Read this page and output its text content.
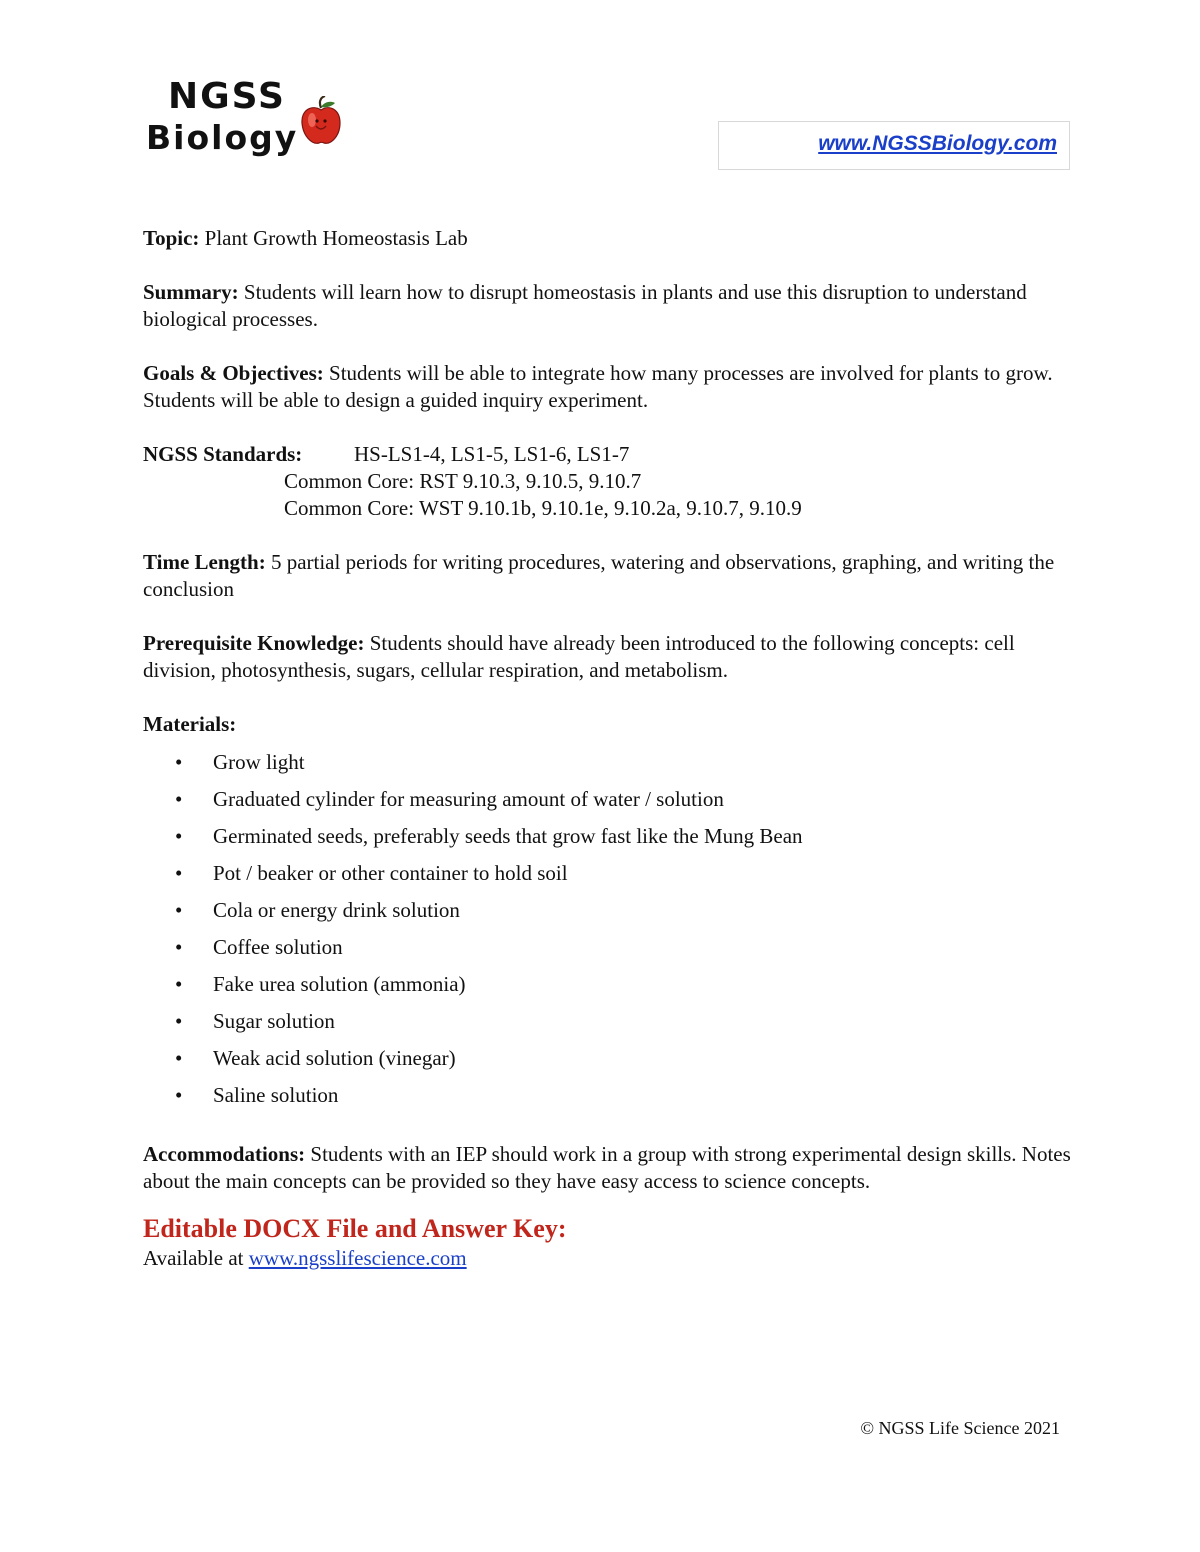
NGSS
Biology	www.NGSSBiology.com

Topic: Plant Growth Homeostasis Lab

Summary: Students will learn how to disrupt homeostasis in plants and use this disruption to understand biological processes.

Goals & Objectives: Students will be able to integrate how many processes are involved for plants to grow. Students will be able to design a guided inquiry experiment.

NGSS Standards:	HS-LS1-4, LS1-5, LS1-6, LS1-7
Common Core: RST 9.10.3, 9.10.5, 9.10.7
Common Core: WST 9.10.1b, 9.10.1e, 9.10.2a, 9.10.7, 9.10.9

Time Length: 5 partial periods for writing procedures, watering and observations, graphing, and writing the conclusion

Prerequisite Knowledge: Students should have already been introduced to the following concepts: cell division, photosynthesis, sugars, cellular respiration, and metabolism.

Materials:
• Grow light
• Graduated cylinder for measuring amount of water / solution
• Germinated seeds, preferably seeds that grow fast like the Mung Bean
• Pot / beaker or other container to hold soil
• Cola or energy drink solution
• Coffee solution
• Fake urea solution (ammonia)
• Sugar solution
• Weak acid solution (vinegar)
• Saline solution

Accommodations: Students with an IEP should work in a group with strong experimental design skills. Notes about the main concepts can be provided so they have easy access to science concepts.

Editable DOCX File and Answer Key:
Available at www.ngsslifescience.com
© NGSS Life Science 2021
